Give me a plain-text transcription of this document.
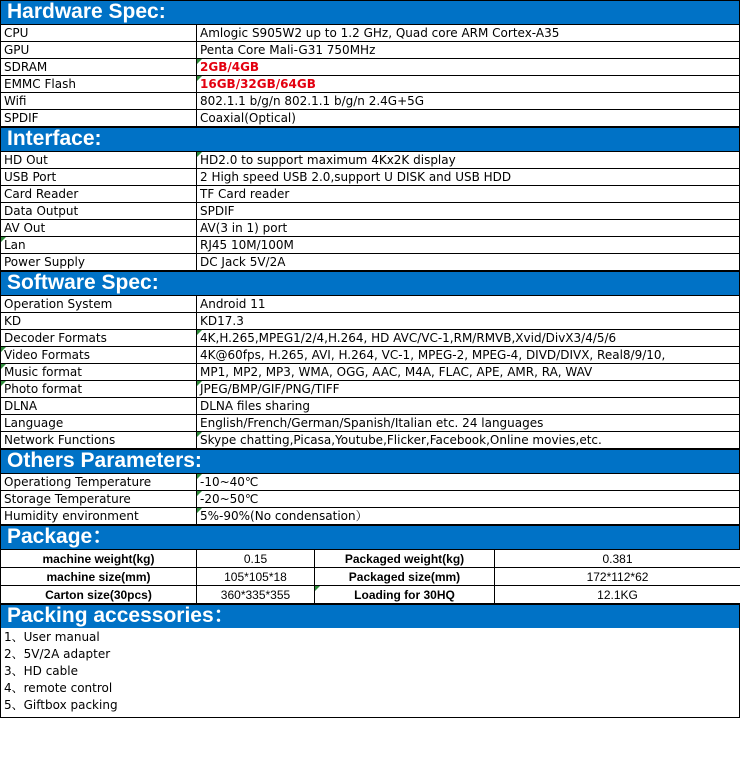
Hardware Spec:
CPU	Amlogic S905W2 up to 1.2 GHz, Quad core ARM Cortex-A35
GPU	Penta Core Mali-G31 750MHz
SDRAM	2GB/4GB
EMMC Flash	16GB/32GB/64GB
Wifi	802.1.1 b/g/n 802.1.1 b/g/n 2.4G+5G
SPDIF	Coaxial(Optical)
Interface:
HD Out	HD2.0 to support maximum 4Kx2K display
USB Port	2 High speed USB 2.0,support U DISK and USB HDD
Card Reader	TF Card reader
Data Output	SPDIF
AV Out	AV(3 in 1) port
Lan	RJ45 10M/100M
Power Supply	DC Jack 5V/2A
Software Spec:
Operation System	Android 11
KD	KD17.3
Decoder Formats	4K,H.265,MPEG1/2/4,H.264, HD AVC/VC-1,RM/RMVB,Xvid/DivX3/4/5/6
Video Formats	4K@60fps, H.265, AVI, H.264, VC-1, MPEG-2, MPEG-4, DIVD/DIVX, Real8/9/10,
Music format	MP1, MP2, MP3, WMA, OGG, AAC, M4A, FLAC, APE, AMR, RA, WAV
Photo format	JPEG/BMP/GIF/PNG/TIFF
DLNA	DLNA files sharing
Language	English/French/German/Spanish/Italian etc. 24 languages
Network Functions	Skype chatting,Picasa,Youtube,Flicker,Facebook,Online movies,etc.
Others Parameters:
Operationg Temperature	-10~40℃
Storage Temperature	-20~50℃
Humidity environment	5%-90%(No condensation）
Package：
machine weight(kg)	0.15	Packaged weight(kg)	0.381
machine size(mm)	105*105*18	Packaged size(mm)	172*112*62
Carton size(30pcs)	360*335*355	Loading for 30HQ	12.1KG
Packing accessories：
1、User manual
2、5V/2A adapter
3、HD cable
4、remote control
5、Giftbox packing
